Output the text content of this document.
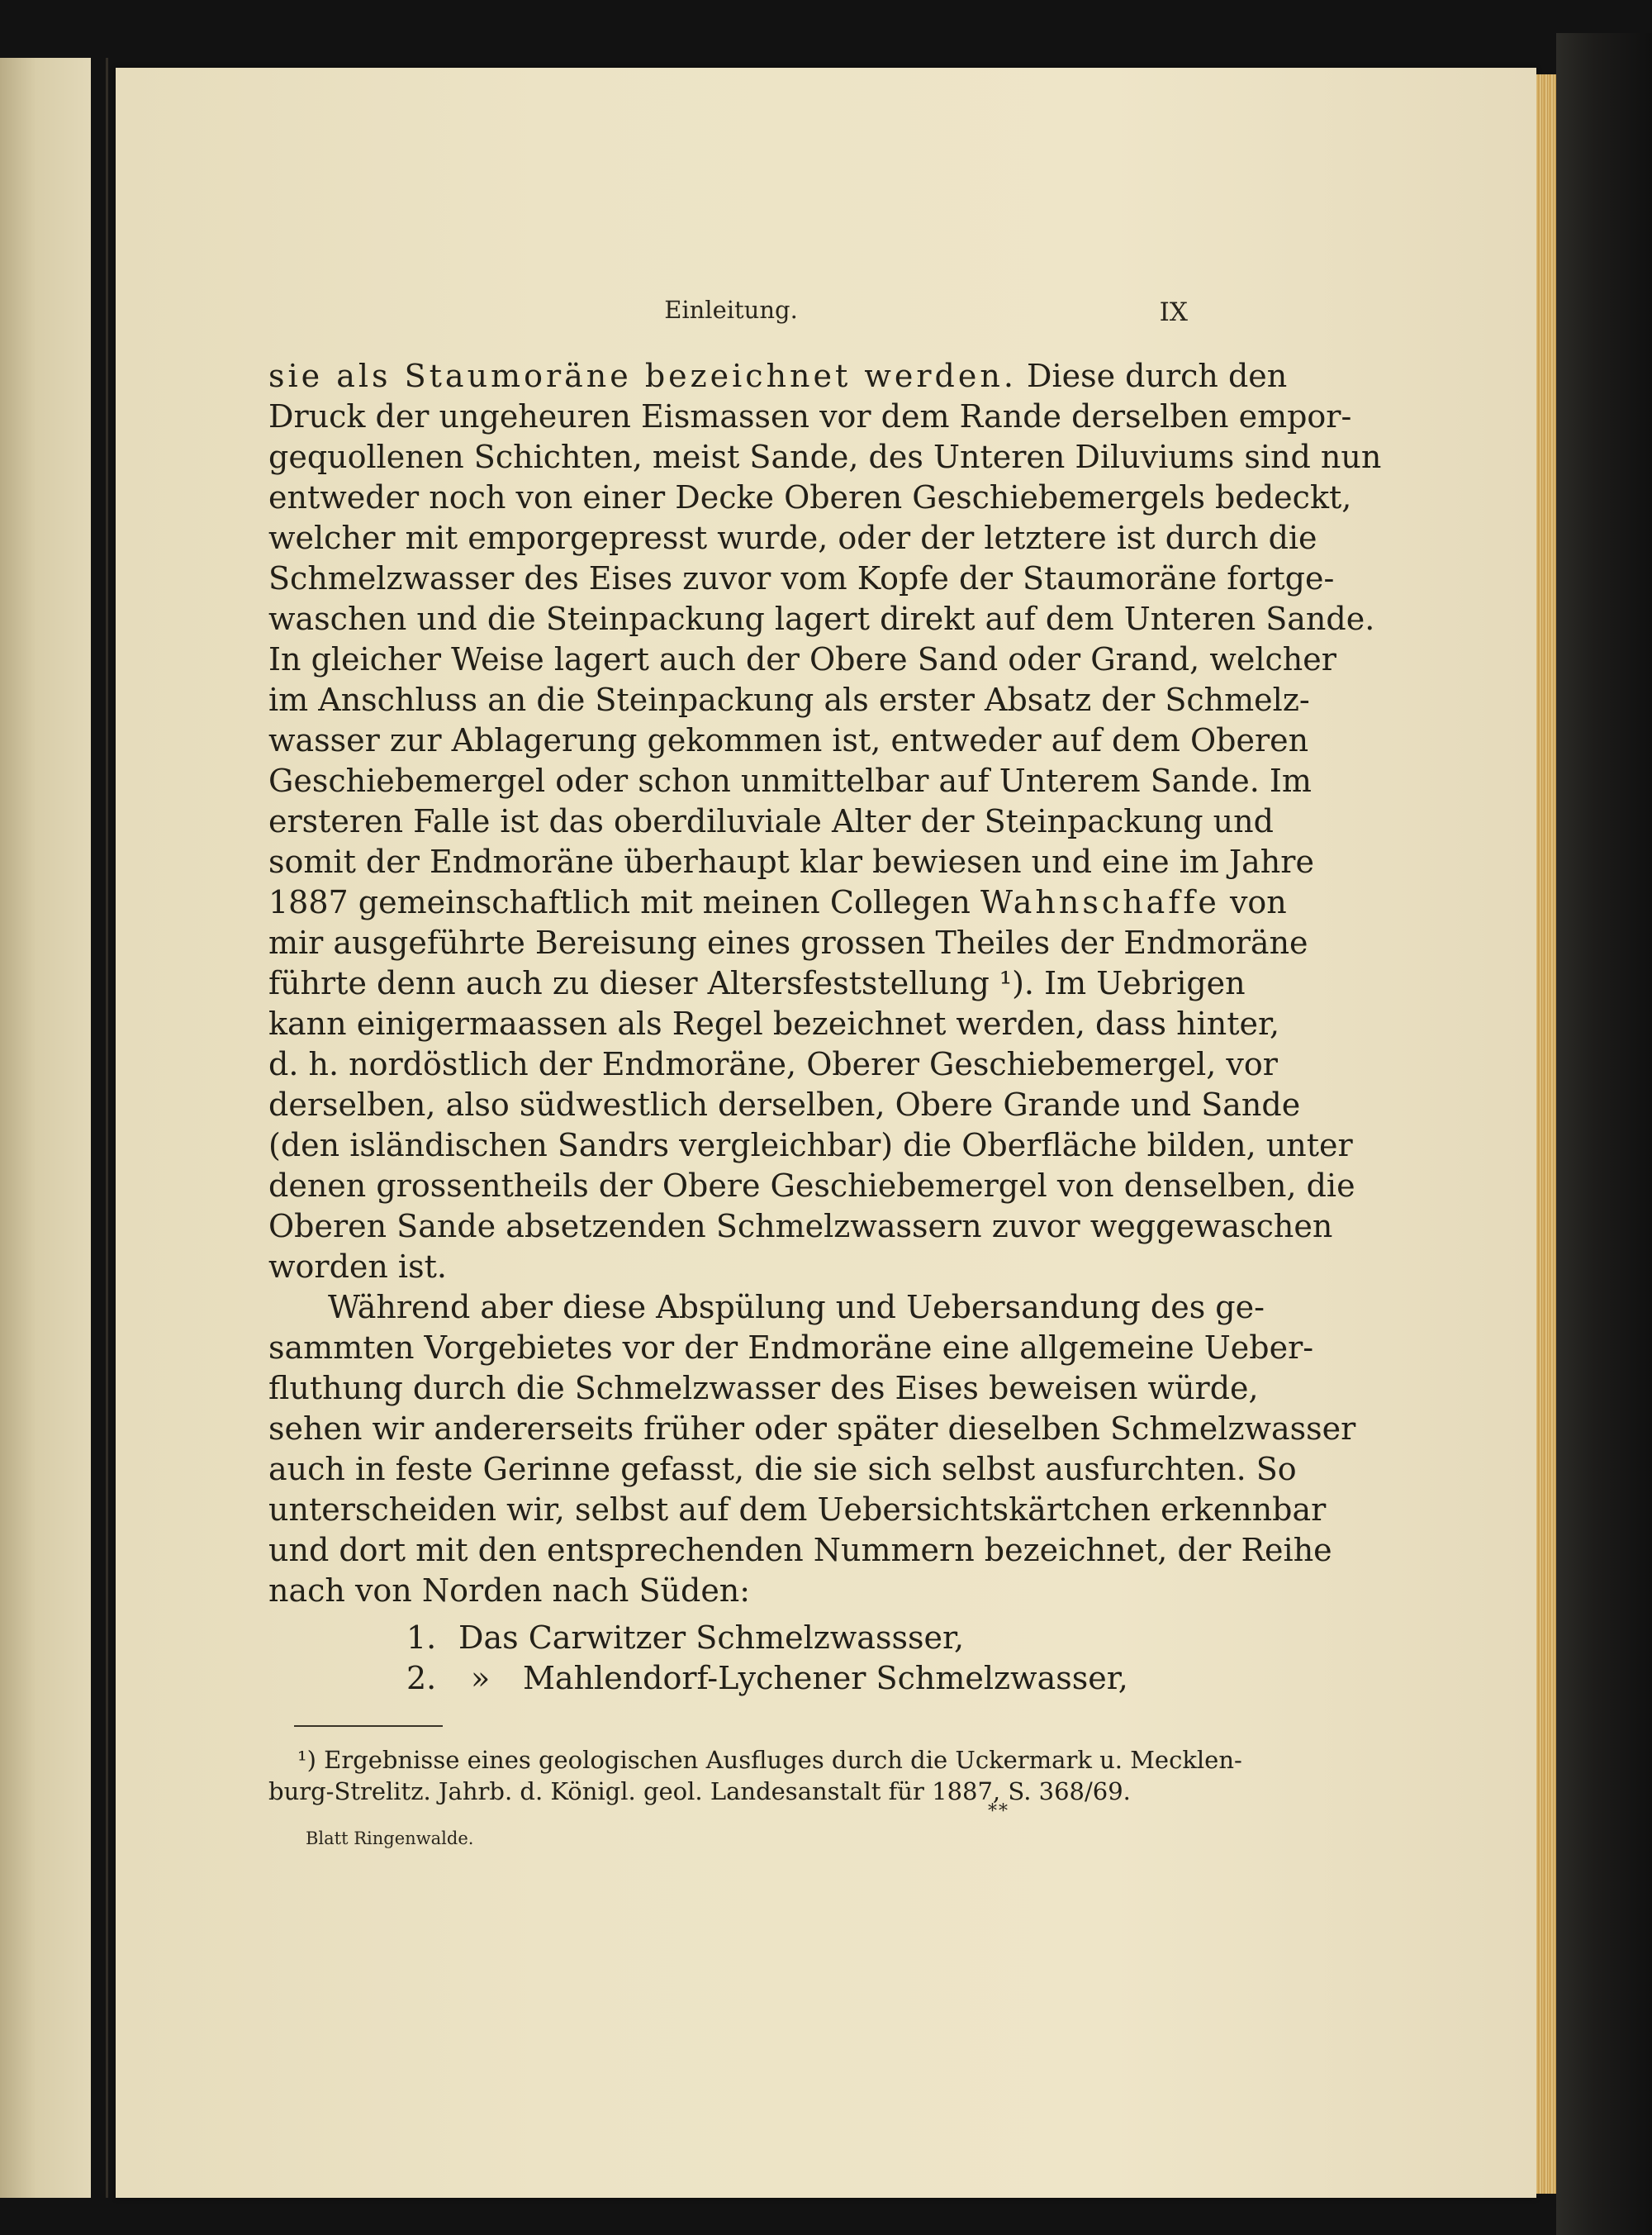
Einleitung.	IX
sie als Staumoräne bezeichnet werden. Diese durch den
Druck der ungeheuren Eismassen vor dem Rande derselben empor-
gequollenen Schichten, meist Sande, des Unteren Diluviums sind nun
entweder noch von einer Decke Oberen Geschiebemergels bedeckt,
welcher mit emporgepresst wurde, oder der letztere ist durch die
Schmelzwasser des Eises zuvor vom Kopfe der Staumoräne fortge-
waschen und die Steinpackung lagert direkt auf dem Unteren Sande.
In gleicher Weise lagert auch der Obere Sand oder Grand, welcher
im Anschluss an die Steinpackung als erster Absatz der Schmelz-
wasser zur Ablagerung gekommen ist, entweder auf dem Oberen
Geschiebemergel oder schon unmittelbar auf Unterem Sande. Im
ersteren Falle ist das oberdiluviale Alter der Steinpackung und
somit der Endmoräne überhaupt klar bewiesen und eine im Jahre
1887 gemeinschaftlich mit meinen Collegen Wahnschaffe von
mir ausgeführte Bereisung eines grossen Theiles der Endmoräne
führte denn auch zu dieser Altersfeststellung ¹). Im Uebrigen
kann einigermaassen als Regel bezeichnet werden, dass hinter,
d. h. nordöstlich der Endmoräne, Oberer Geschiebemergel, vor
derselben, also südwestlich derselben, Obere Grande und Sande
(den isländischen Sandrs vergleichbar) die Oberfläche bilden, unter
denen grossentheils der Obere Geschiebemergel von denselben, die
Oberen Sande absetzenden Schmelzwassern zuvor weggewaschen
worden ist.
Während aber diese Abspülung und Uebersandung des ge-
sammten Vorgebietes vor der Endmoräne eine allgemeine Ueber-
fluthung durch die Schmelzwasser des Eises beweisen würde,
sehen wir andererseits früher oder später dieselben Schmelzwasser
auch in feste Gerinne gefasst, die sie sich selbst ausfurchten. So
unterscheiden wir, selbst auf dem Uebersichtskärtchen erkennbar
und dort mit den entsprechenden Nummern bezeichnet, der Reihe
nach von Norden nach Süden:
1. Das Carwitzer Schmelzwassser,
2. » Mahlendorf-Lychener Schmelzwasser,
¹) Ergebnisse eines geologischen Ausfluges durch die Uckermark u. Mecklen-
burg-Strelitz. Jahrb. d. Königl. geol. Landesanstalt für 1887, S. 368/69.
**
Blatt Ringenwalde.
